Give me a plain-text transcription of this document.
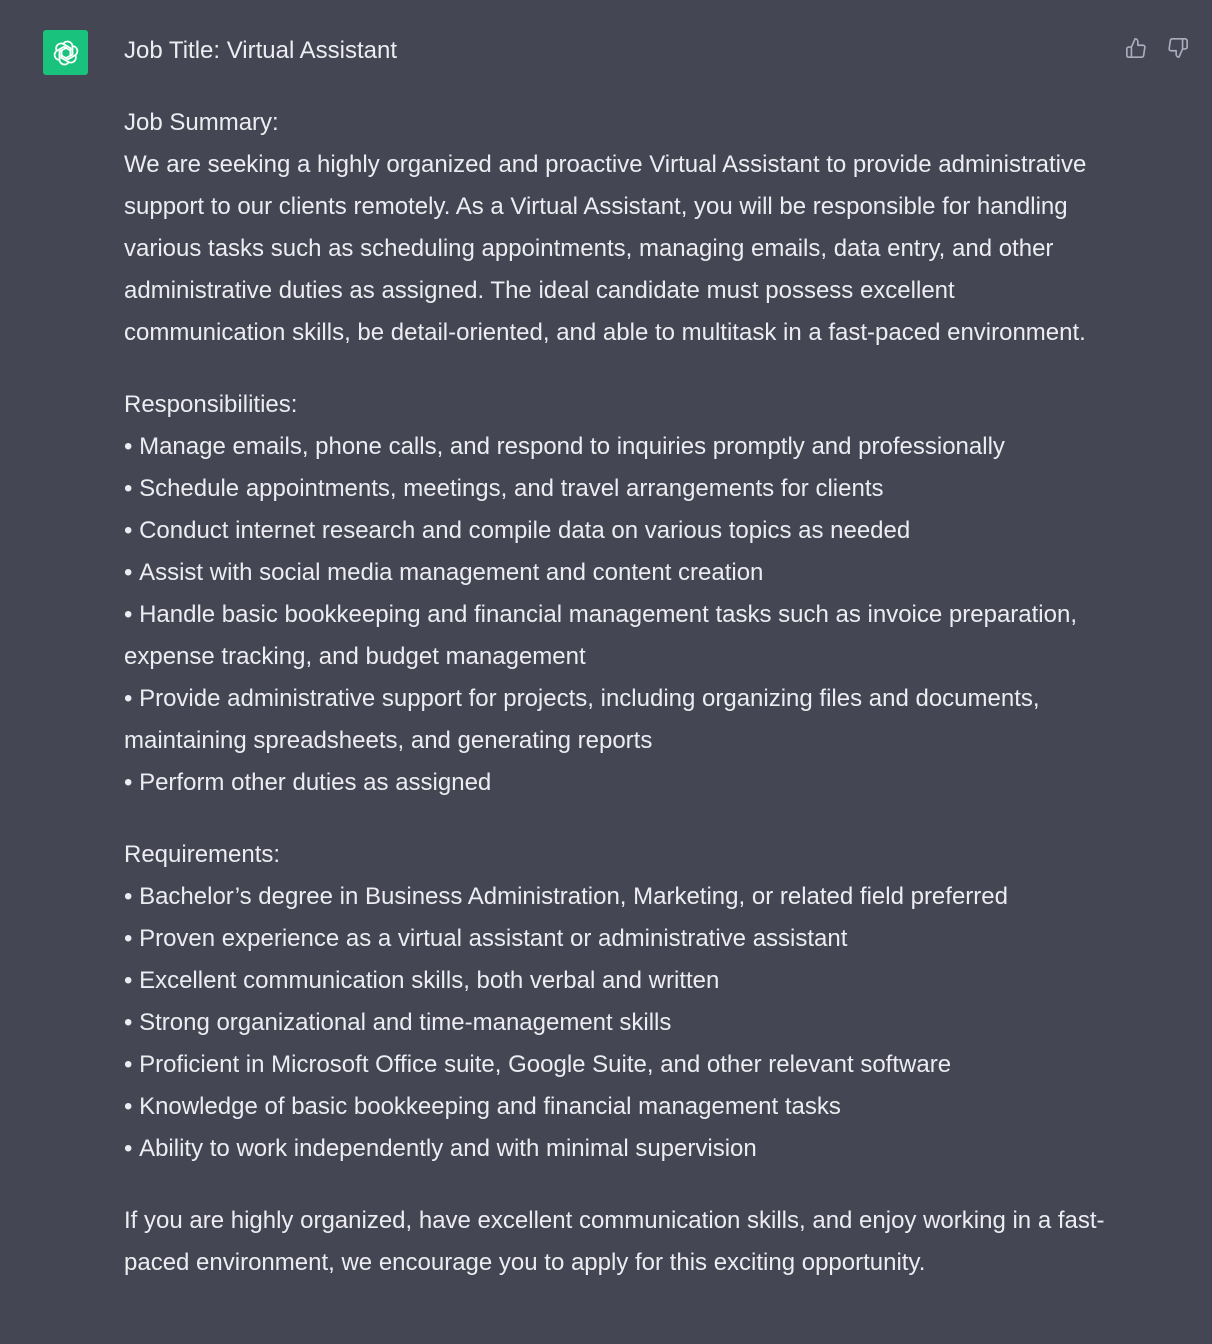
Job Title: Virtual Assistant

Job Summary:

We are seeking a highly organized and proactive Virtual Assistant to provide administrative support to our clients remotely. As a Virtual Assistant, you will be responsible for handling various tasks such as scheduling appointments, managing emails, data entry, and other administrative duties as assigned. The ideal candidate must possess excellent communication skills, be detail-oriented, and able to multitask in a fast-paced environment.

Responsibilities:

• Manage emails, phone calls, and respond to inquiries promptly and professionally

• Schedule appointments, meetings, and travel arrangements for clients

• Conduct internet research and compile data on various topics as needed

• Assist with social media management and content creation

• Handle basic bookkeeping and financial management tasks such as invoice preparation, expense tracking, and budget management

• Provide administrative support for projects, including organizing files and documents, maintaining spreadsheets, and generating reports

• Perform other duties as assigned

Requirements:

• Bachelor’s degree in Business Administration, Marketing, or related field preferred

• Proven experience as a virtual assistant or administrative assistant

• Excellent communication skills, both verbal and written

• Strong organizational and time-management skills

• Proficient in Microsoft Office suite, Google Suite, and other relevant software

• Knowledge of basic bookkeeping and financial management tasks

• Ability to work independently and with minimal supervision

If you are highly organized, have excellent communication skills, and enjoy working in a fast-paced environment, we encourage you to apply for this exciting opportunity.
